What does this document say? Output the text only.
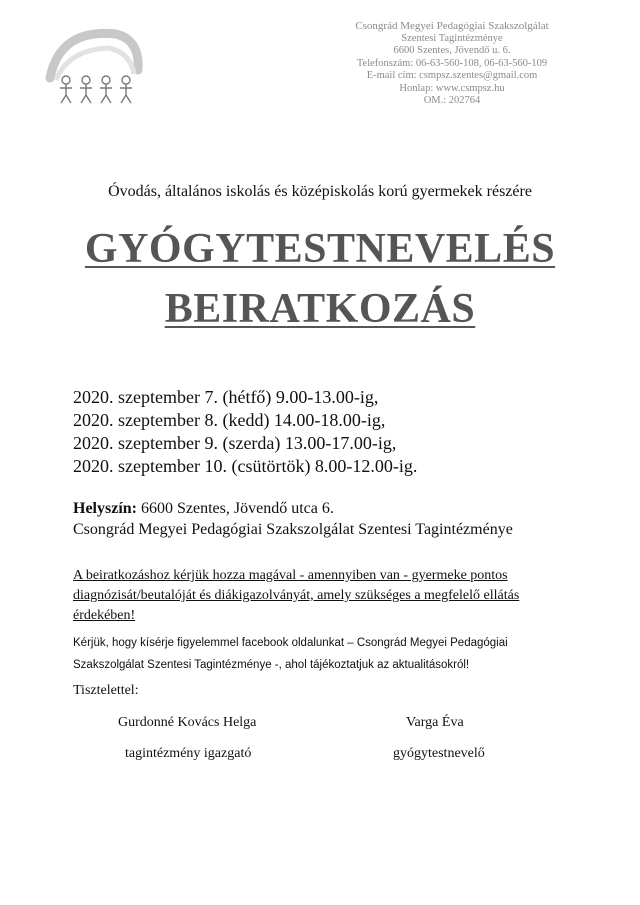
Csongrád Megyei Pedagógiai Szakszolgálat
Szentesi Tagintézménye
6600 Szentes, Jövendő u. 6.
Telefonszám: 06-63-560-108, 06-63-560-109
E-mail cím: csmpsz.szentes@gmail.com
Honlap: www.csmpsz.hu
OM.: 202764
Óvodás, általános iskolás és középiskolás korú gyermekek részére
GYÓGYTESTNEVELÉS
BEIRATKOZÁS
2020. szeptember 7. (hétfő) 9.00-13.00-ig,
2020. szeptember 8. (kedd) 14.00-18.00-ig,
2020. szeptember 9. (szerda) 13.00-17.00-ig,
2020. szeptember 10. (csütörtök) 8.00-12.00-ig.
Helyszín: 6600 Szentes, Jövendő utca 6.
Csongrád Megyei Pedagógiai Szakszolgálat Szentesi Tagintézménye
A beiratkozáshoz kérjük hozza magával - amennyiben van - gyermeke pontos diagnózisát/beutalóját és diákigazolványát, amely szükséges a megfelelő ellátás érdekében!
Kérjük, hogy kísérje figyelemmel facebook oldalunkat – Csongrád Megyei Pedagógiai Szakszolgálat Szentesi Tagintézménye -, ahol tájékoztatjuk az aktualitásokról!
Tisztelettel:
Gurdonné Kovács Helga
tagintézmény igazgató
Varga Éva
gyógytestnevelő
